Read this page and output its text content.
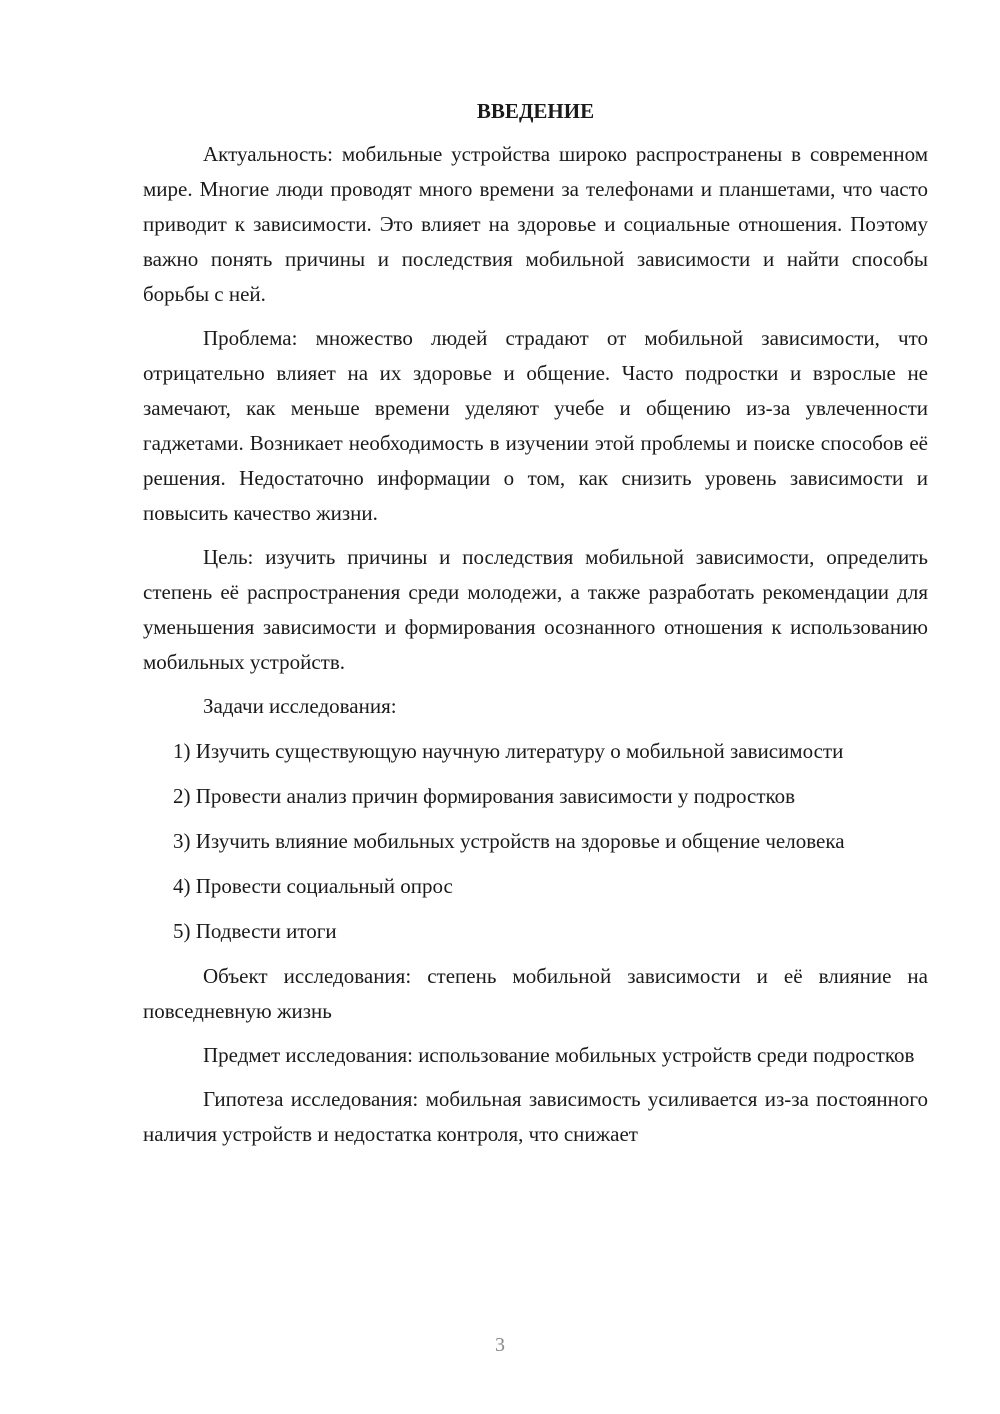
ВВЕДЕНИЕ

Актуальность: мобильные устройства широко распространены в современном мире. Многие люди проводят много времени за телефонами и планшетами, что часто приводит к зависимости. Это влияет на здоровье и социальные отношения. Поэтому важно понять причины и последствия мобильной зависимости и найти способы борьбы с ней.

Проблема: множество людей страдают от мобильной зависимости, что отрицательно влияет на их здоровье и общение. Часто подростки и взрослые не замечают, как меньше времени уделяют учебе и общению из-за увлеченности гаджетами. Возникает необходимость в изучении этой проблемы и поиске способов её решения. Недостаточно информации о том, как снизить уровень зависимости и повысить качество жизни.

Цель: изучить причины и последствия мобильной зависимости, определить степень её распространения среди молодежи, а также разработать рекомендации для уменьшения зависимости и формирования осознанного отношения к использованию мобильных устройств.

Задачи исследования:

1) Изучить существующую научную литературу о мобильной зависимости

2) Провести анализ причин формирования зависимости у подростков

3) Изучить влияние мобильных устройств на здоровье и общение человека

4) Провести социальный опрос

5) Подвести итоги

Объект исследования: степень мобильной зависимости и её влияние на повседневную жизнь

Предмет исследования: использование мобильных устройств среди подростков

Гипотеза исследования: мобильная зависимость усиливается из-за постоянного наличия устройств и недостатка контроля, что снижает

3
